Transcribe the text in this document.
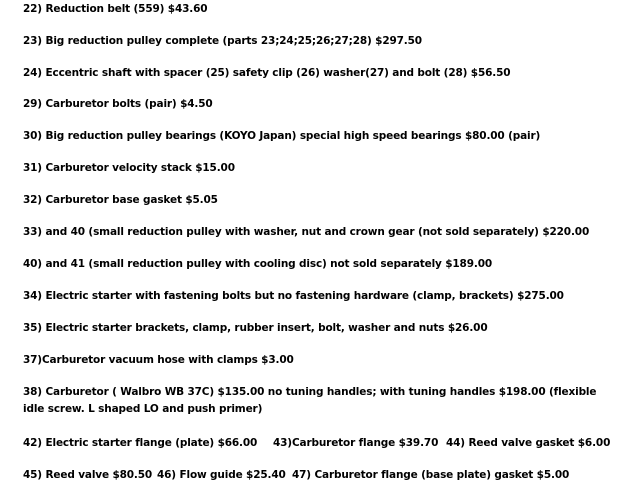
22) Reduction belt (559) $43.60
23) Big reduction pulley complete (parts 23;24;25;26;27;28) $297.50
24) Eccentric shaft with spacer (25) safety clip (26) washer(27) and bolt (28) $56.50
29) Carburetor bolts (pair) $4.50
30) Big reduction pulley bearings (KOYO Japan) special high speed bearings $80.00 (pair)
31) Carburetor velocity stack $15.00
32) Carburetor base gasket $5.05
33) and 40 (small reduction pulley with washer, nut and crown gear (not sold separately) $220.00
40) and 41 (small reduction pulley with cooling disc) not sold separately $189.00
34) Electric starter with fastening bolts but no fastening hardware (clamp, brackets) $275.00
35) Electric starter brackets, clamp, rubber insert, bolt, washer and nuts $26.00
37)Carburetor vacuum hose with clamps $3.00
38) Carburetor ( Walbro WB 37C) $135.00 no tuning handles; with tuning handles $198.00 (flexible idle screw. L shaped LO and push primer)
42) Electric starter flange (plate) $66.00 43)Carburetor flange $39.70 44) Reed valve gasket $6.00
45) Reed valve $80.50 46) Flow guide $25.40 47) Carburetor flange (base plate) gasket $5.00
